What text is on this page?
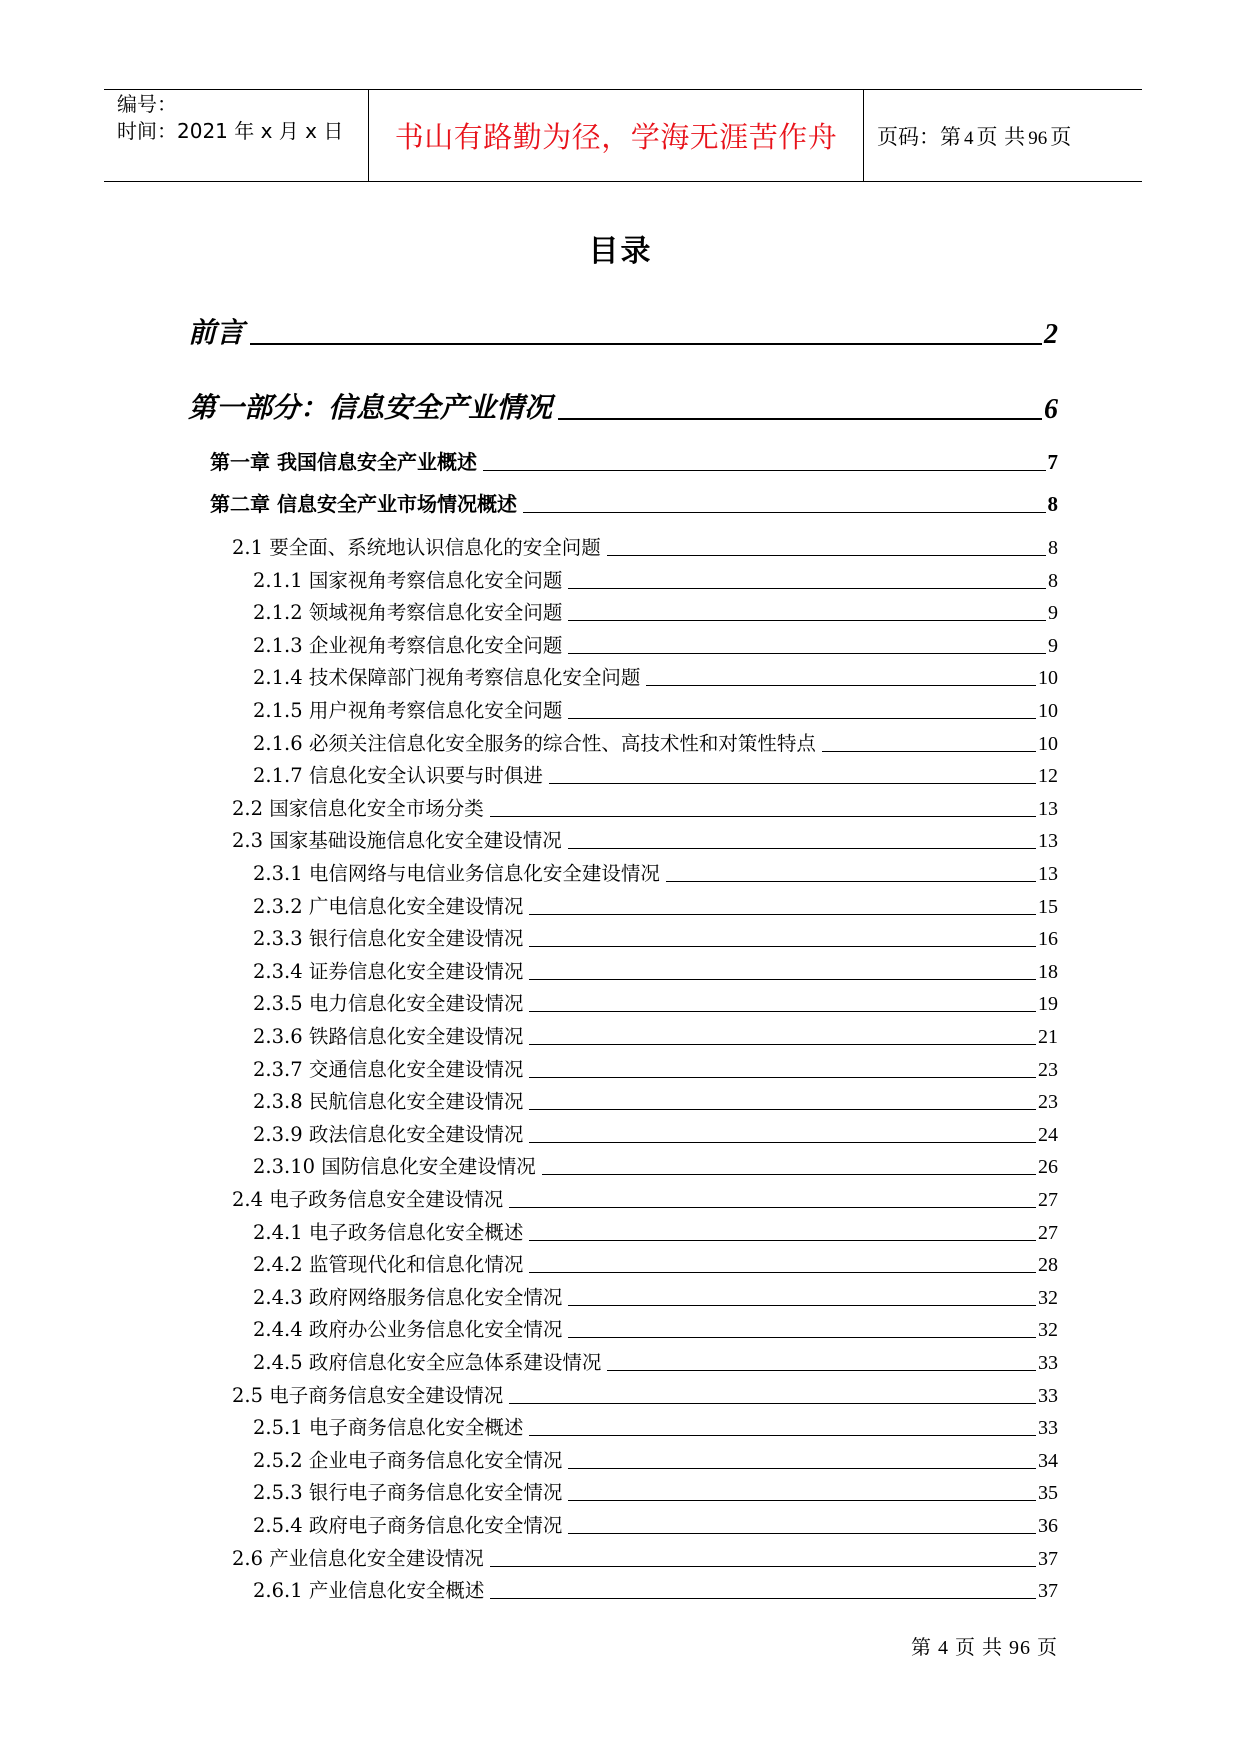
编号：
时间：2021 年 x 月 x 日 书山有路勤为径，学海无涯苦作舟	页码：第 4 页 共 96 页
目录
前言	2
第一部分：信息安全产业情况	6
第一章 我国信息安全产业概述	7
第二章 信息安全产业市场情况概述	8
2.1 要全面、系统地认识信息化的安全问题	8
2.1.1 国家视角考察信息化安全问题	8
2.1.2 领域视角考察信息化安全问题	9
2.1.3 企业视角考察信息化安全问题	9
2.1.4 技术保障部门视角考察信息化安全问题	10
2.1.5 用户视角考察信息化安全问题	10
2.1.6 必须关注信息化安全服务的综合性、高技术性和对策性特点	10
2.1.7 信息化安全认识要与时俱进	12
2.2 国家信息化安全市场分类	13
2.3 国家基础设施信息化安全建设情况	13
2.3.1 电信网络与电信业务信息化安全建设情况	13
2.3.2 广电信息化安全建设情况	15
2.3.3 银行信息化安全建设情况	16
2.3.4 证券信息化安全建设情况	18
2.3.5 电力信息化安全建设情况	19
2.3.6 铁路信息化安全建设情况	21
2.3.7 交通信息化安全建设情况	23
2.3.8 民航信息化安全建设情况	23
2.3.9 政法信息化安全建设情况	24
2.3.10 国防信息化安全建设情况	26
2.4 电子政务信息安全建设情况	27
2.4.1 电子政务信息化安全概述	27
2.4.2 监管现代化和信息化情况	28
2.4.3 政府网络服务信息化安全情况	32
2.4.4 政府办公业务信息化安全情况	32
2.4.5 政府信息化安全应急体系建设情况	33
2.5 电子商务信息安全建设情况	33
2.5.1 电子商务信息化安全概述	33
2.5.2 企业电子商务信息化安全情况	34
2.5.3 银行电子商务信息化安全情况	35
2.5.4 政府电子商务信息化安全情况	36
2.6 产业信息化安全建设情况	37
2.6.1 产业信息化安全概述	37
第 4 页 共 96 页
